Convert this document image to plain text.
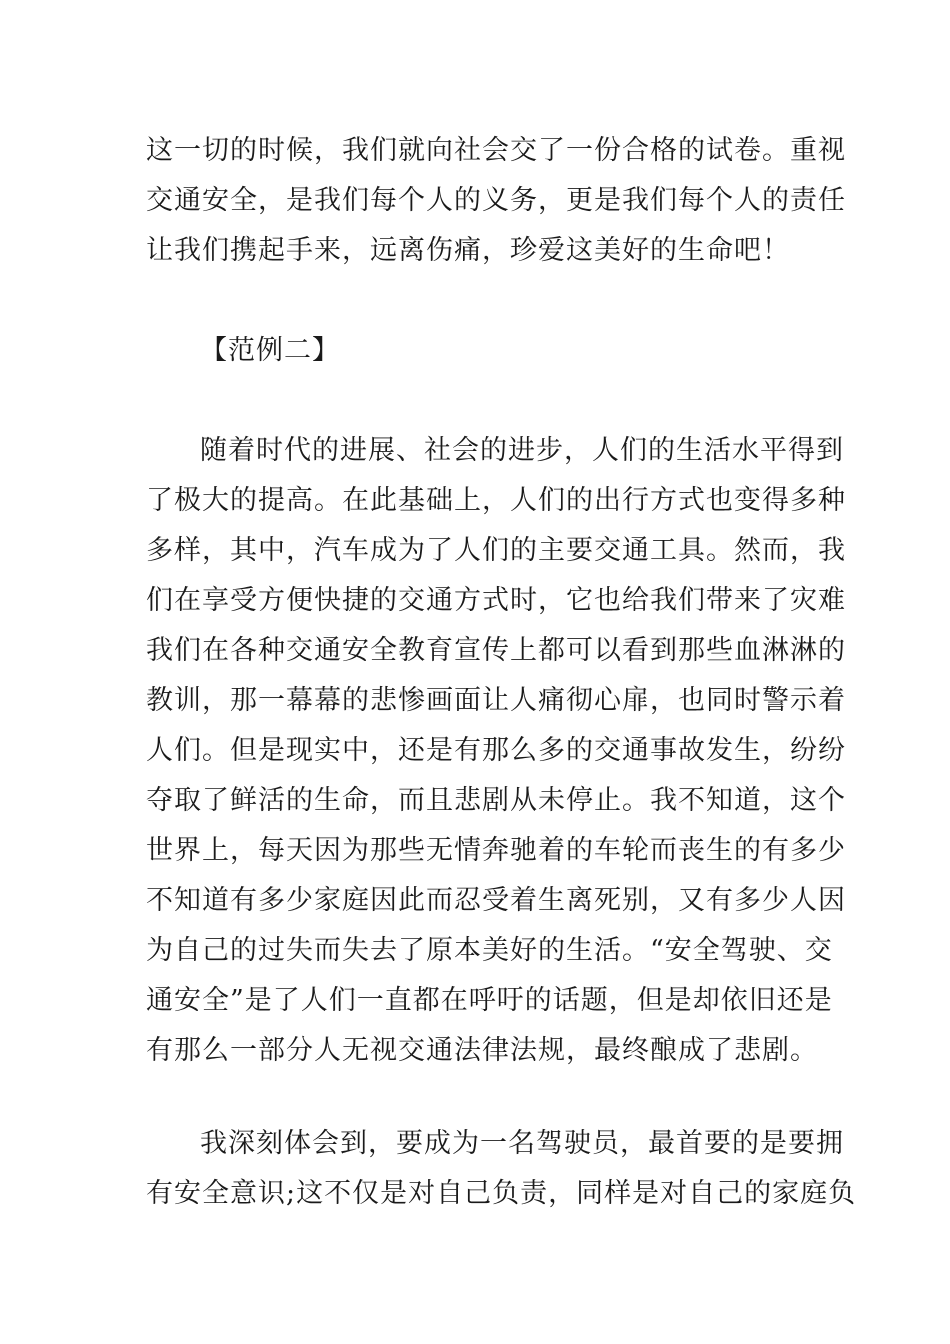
这一切的时候，我们就向社会交了一份合格的试卷。重视
交通安全，是我们每个人的义务，更是我们每个人的责任
让我们携起手来，远离伤痛，珍爱这美好的生命吧！
【范例二】
随着时代的进展、社会的进步，人们的生活水平得到
了极大的提高。在此基础上，人们的出行方式也变得多种
多样，其中，汽车成为了人们的主要交通工具。然而，我
们在享受方便快捷的交通方式时，它也给我们带来了灾难
我们在各种交通安全教育宣传上都可以看到那些血淋淋的
教训，那一幕幕的悲惨画面让人痛彻心扉，也同时警示着
人们。但是现实中，还是有那么多的交通事故发生，纷纷
夺取了鲜活的生命，而且悲剧从未停止。我不知道，这个
世界上，每天因为那些无情奔驰着的车轮而丧生的有多少
不知道有多少家庭因此而忍受着生离死别，又有多少人因
为自己的过失而失去了原本美好的生活。“安全驾驶、交
通安全”是了人们一直都在呼吁的话题，但是却依旧还是
有那么一部分人无视交通法律法规，最终酿成了悲剧。
我深刻体会到，要成为一名驾驶员，最首要的是要拥
有安全意识;这不仅是对自己负责，同样是对自己的家庭负
